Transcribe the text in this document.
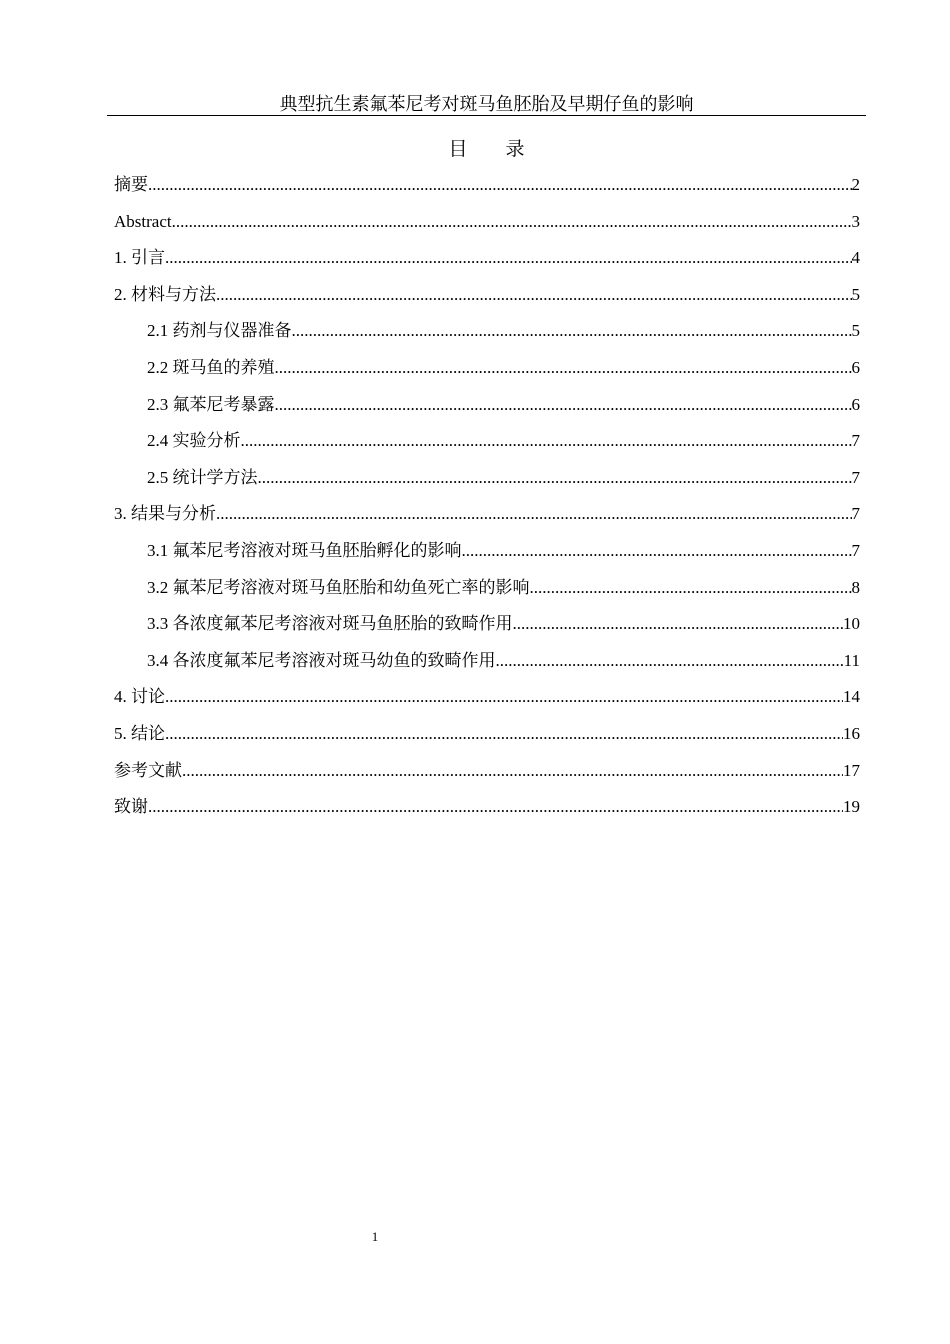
典型抗生素氟苯尼考对斑马鱼胚胎及早期仔鱼的影响
目　　录
摘要 .....	2
Abstract .....	3
1. 引言 .....	4
2. 材料与方法 .....	5
2.1 药剂与仪器准备 .....	5
2.2 斑马鱼的养殖 .....	6
2.3 氟苯尼考暴露 .....	6
2.4 实验分析 .....	7
2.5 统计学方法 .....	7
3. 结果与分析 .....	7
3.1 氟苯尼考溶液对斑马鱼胚胎孵化的影响 .....	7
3.2 氟苯尼考溶液对斑马鱼胚胎和幼鱼死亡率的影响 .....	8
3.3 各浓度氟苯尼考溶液对斑马鱼胚胎的致畸作用 .....	10
3.4 各浓度氟苯尼考溶液对斑马幼鱼的致畸作用 .....	11
4. 讨论 .....	14
5. 结论 .....	16
参考文献 .....	17
致谢 .....	19
1
